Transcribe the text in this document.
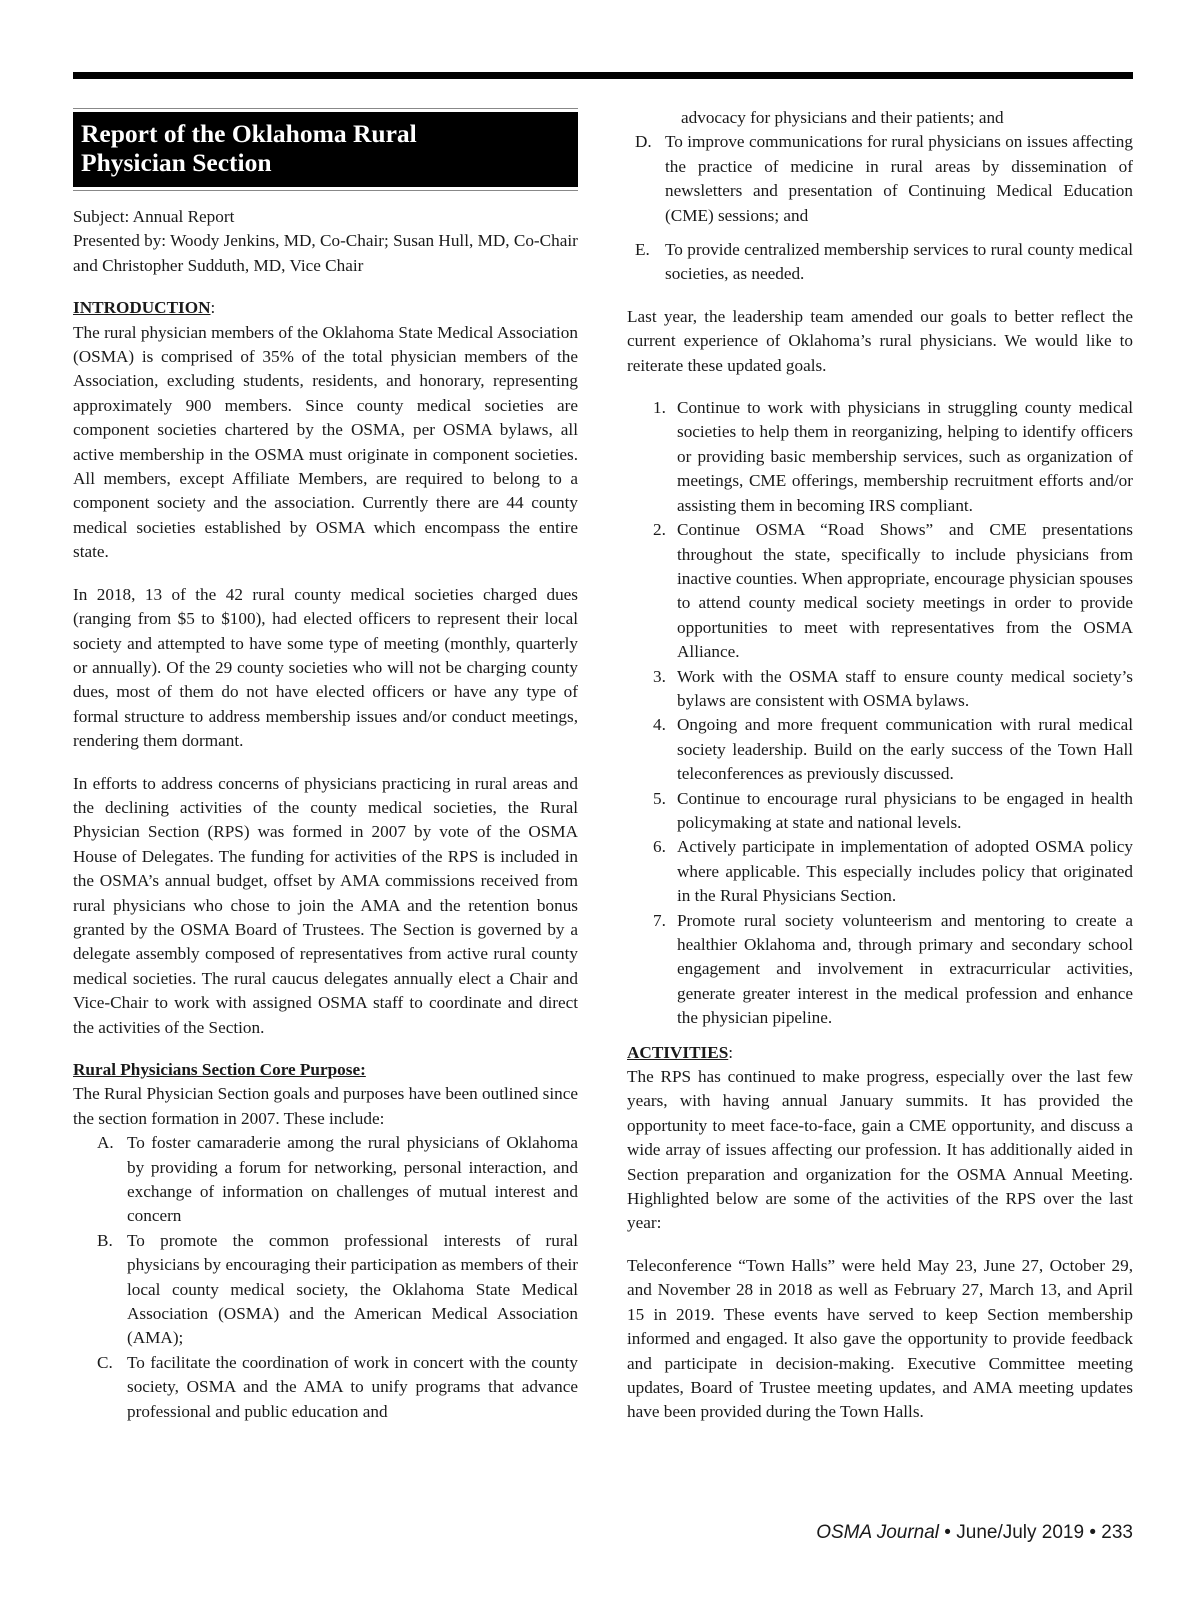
Report of the Oklahoma Rural
Physician Section

Subject: Annual Report

Presented by: Woody Jenkins, MD, Co-Chair; Susan Hull, MD, Co-Chair and Christopher Sudduth, MD, Vice Chair

INTRODUCTION:

The rural physician members of the Oklahoma State Medical Association (OSMA) is comprised of 35% of the total physician members of the Association, excluding students, residents, and honorary, representing approximately 900 members. Since county medical societies are component societies chartered by the OSMA, per OSMA bylaws, all active membership in the OSMA must originate in component societies. All members, except Affiliate Members, are required to belong to a component society and the association. Currently there are 44 county medical societies established by OSMA which encompass the entire state.

In 2018, 13 of the 42 rural county medical societies charged dues (ranging from $5 to $100), had elected officers to represent their local society and attempted to have some type of meeting (monthly, quarterly or annually). Of the 29 county societies who will not be charging county dues, most of them do not have elected officers or have any type of formal structure to address membership issues and/or conduct meetings, rendering them dormant.

In efforts to address concerns of physicians practicing in rural areas and the declining activities of the county medical societies, the Rural Physician Section (RPS) was formed in 2007 by vote of the OSMA House of Delegates. The funding for activities of the RPS is included in the OSMA’s annual budget, offset by AMA commissions received from rural physicians who chose to join the AMA and the retention bonus granted by the OSMA Board of Trustees. The Section is governed by a delegate assembly composed of representatives from active rural county medical societies. The rural caucus delegates annually elect a Chair and Vice-Chair to work with assigned OSMA staff to coordinate and direct the activities of the Section.

Rural Physicians Section Core Purpose:

The Rural Physician Section goals and purposes have been outlined since the section formation in 2007. These include:

A. To foster camaraderie among the rural physicians of Oklahoma by providing a forum for networking, personal interaction, and exchange of information on challenges of mutual interest and concern
B. To promote the common professional interests of rural physicians by encouraging their participation as members of their local county medical society, the Oklahoma State Medical Association (OSMA) and the American Medical Association (AMA);
C. To facilitate the coordination of work in concert with the county society, OSMA and the AMA to unify programs that advance professional and public education and

advocacy for physicians and their patients; and

D. To improve communications for rural physicians on issues affecting the practice of medicine in rural areas by dissemination of newsletters and presentation of Continuing Medical Education (CME) sessions; and
E. To provide centralized membership services to rural county medical societies, as needed.

Last year, the leadership team amended our goals to better reflect the current experience of Oklahoma’s rural physicians. We would like to reiterate these updated goals.

1. Continue to work with physicians in struggling county medical societies to help them in reorganizing, helping to identify officers or providing basic membership services, such as organization of meetings, CME offerings, membership recruitment efforts and/or assisting them in becoming IRS compliant.
2. Continue OSMA “Road Shows” and CME presentations throughout the state, specifically to include physicians from inactive counties. When appropriate, encourage physician spouses to attend county medical society meetings in order to provide opportunities to meet with representatives from the OSMA Alliance.
3. Work with the OSMA staff to ensure county medical society’s bylaws are consistent with OSMA bylaws.
4. Ongoing and more frequent communication with rural medical society leadership. Build on the early success of the Town Hall teleconferences as previously discussed.
5. Continue to encourage rural physicians to be engaged in health policymaking at state and national levels.
6. Actively participate in implementation of adopted OSMA policy where applicable. This especially includes policy that originated in the Rural Physicians Section.
7. Promote rural society volunteerism and mentoring to create a healthier Oklahoma and, through primary and secondary school engagement and involvement in extracurricular activities, generate greater interest in the medical profession and enhance the physician pipeline.

ACTIVITIES:

The RPS has continued to make progress, especially over the last few years, with having annual January summits. It has provided the opportunity to meet face-to-face, gain a CME opportunity, and discuss a wide array of issues affecting our profession. It has additionally aided in Section preparation and organization for the OSMA Annual Meeting. Highlighted below are some of the activities of the RPS over the last year:

Teleconference “Town Halls” were held May 23, June 27, October 29, and November 28 in 2018 as well as February 27, March 13, and April 15 in 2019. These events have served to keep Section membership informed and engaged. It also gave the opportunity to provide feedback and participate in decision-making. Executive Committee meeting updates, Board of Trustee meeting updates, and AMA meeting updates have been provided during the Town Halls.

OSMA Journal • June/July 2019 • 233
